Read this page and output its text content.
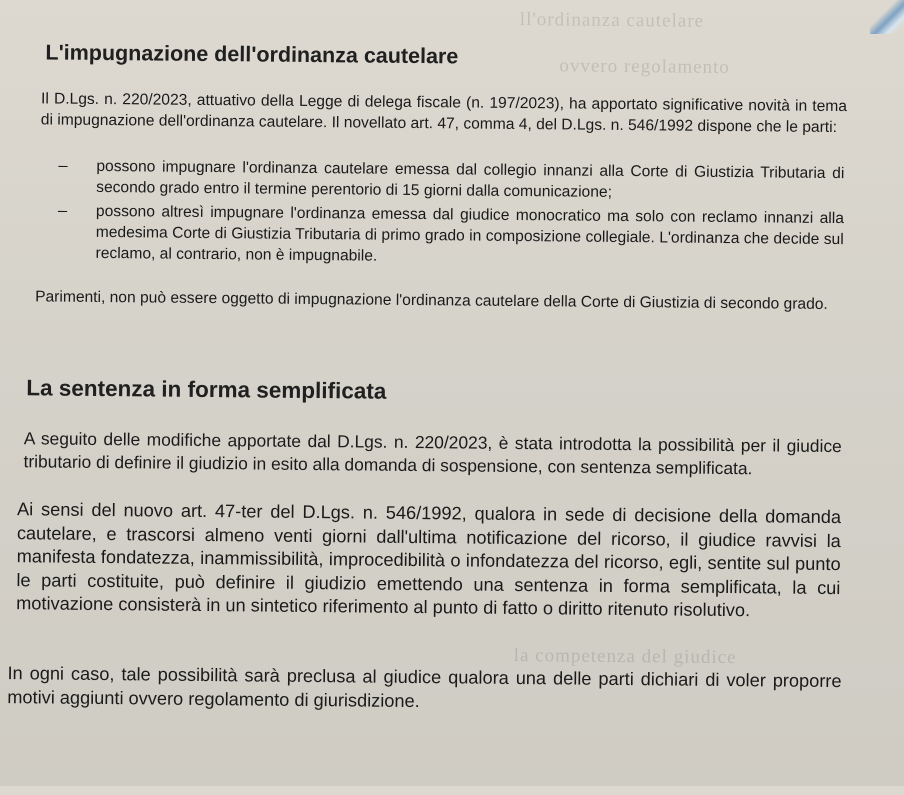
ll'ordinanza cautelare
ovvero regolamento
la competenza del giudice
L'impugnazione dell'ordinanza cautelare

Il D.Lgs. n. 220/2023, attuativo della Legge di delega fiscale (n. 197/2023), ha apportato significative novità in tema di impugnazione dell'ordinanza cautelare. Il novellato art. 47, comma 4, del D.Lgs. n. 546/1992 dispone che le parti:

–	possono impugnare l'ordinanza cautelare emessa dal collegio innanzi alla Corte di Giustizia Tributaria di secondo grado entro il termine perentorio di 15 giorni dalla comunicazione;

–	possono altresì impugnare l'ordinanza emessa dal giudice monocratico ma solo con reclamo innanzi alla medesima Corte di Giustizia Tributaria di primo grado in composizione collegiale. L'ordinanza che decide sul reclamo, al contrario, non è impugnabile.

Parimenti, non può essere oggetto di impugnazione l'ordinanza cautelare della Corte di Giustizia di secondo grado.

La sentenza in forma semplificata

A seguito delle modifiche apportate dal D.Lgs. n. 220/2023, è stata introdotta la possibilità per il giudice tributario di definire il giudizio in esito alla domanda di sospensione, con sentenza semplificata.

Ai sensi del nuovo art. 47-ter del D.Lgs. n. 546/1992, qualora in sede di decisione della domanda cautelare, e trascorsi almeno venti giorni dall'ultima notificazione del ricorso, il giudice ravvisi la manifesta fondatezza, inammissibilità, improcedibilità o infondatezza del ricorso, egli, sentite sul punto le parti costituite, può definire il giudizio emettendo una sentenza in forma semplificata, la cui motivazione consisterà in un sintetico riferimento al punto di fatto o diritto ritenuto risolutivo.

In ogni caso, tale possibilità sarà preclusa al giudice qualora una delle parti dichiari di voler proporre motivi aggiunti ovvero regolamento di giurisdizione.
